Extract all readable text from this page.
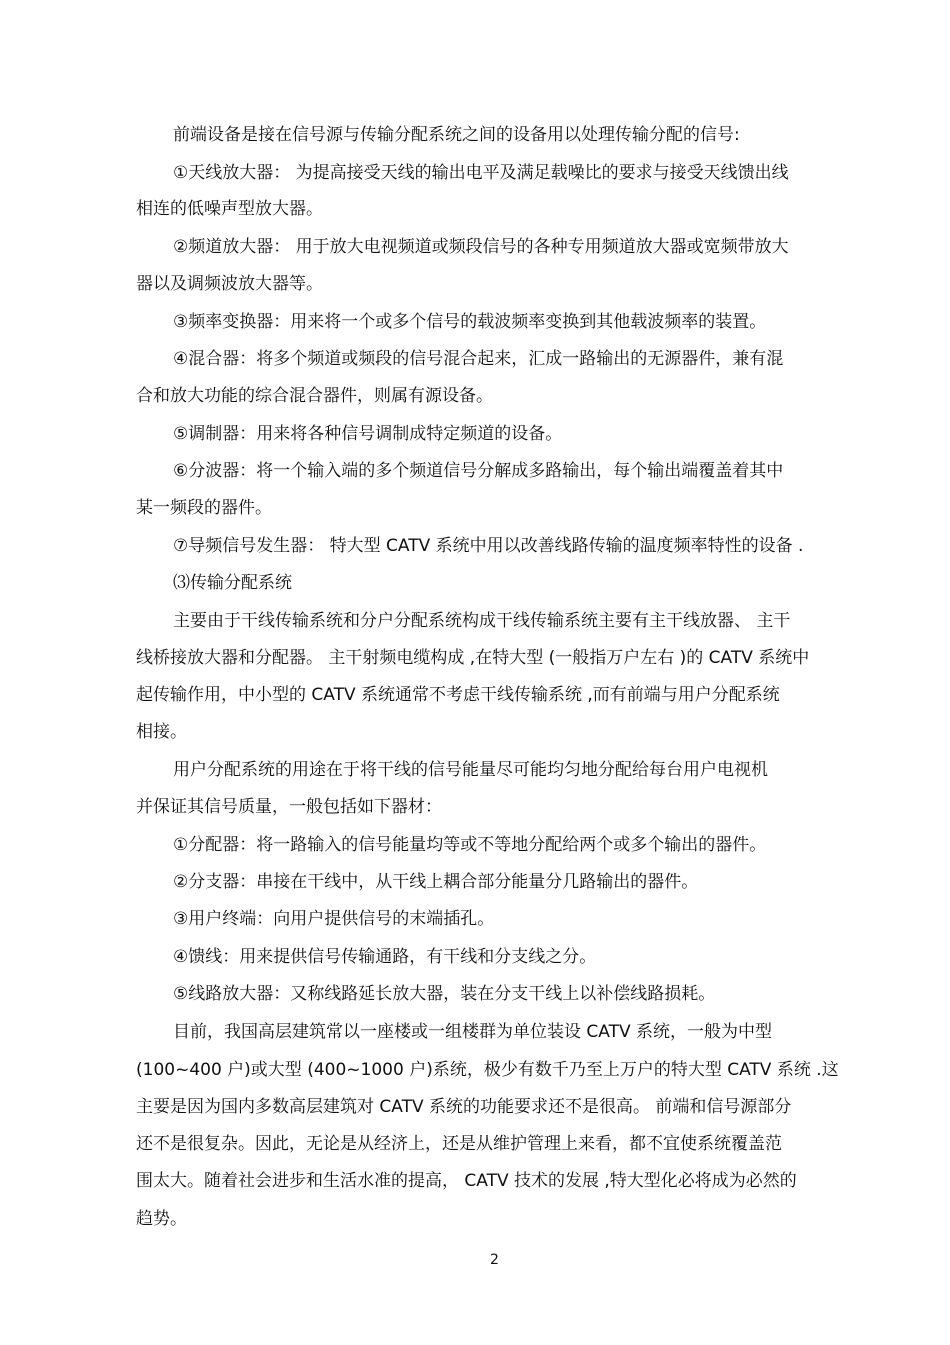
前端设备是接在信号源与传输分配系统之间的设备用以处理传输分配的信号:
①天线放大器： 为提高接受天线的输出电平及满足载噪比的要求与接受天线馈出线
相连的低噪声型放大器。
②频道放大器： 用于放大电视频道或频段信号的各种专用频道放大器或宽频带放大
器以及调频波放大器等。
③频率变换器：用来将一个或多个信号的载波频率变换到其他载波频率的装置。
④混合器：将多个频道或频段的信号混合起来，汇成一路输出的无源器件，兼有混
合和放大功能的综合混合器件，则属有源设备。
⑤调制器：用来将各种信号调制成特定频道的设备。
⑥分波器：将一个输入端的多个频道信号分解成多路输出，每个输出端覆盖着其中
某一频段的器件。
⑦导频信号发生器： 特大型 CATV 系统中用以改善线路传输的温度频率特性的设备 .
⑶传输分配系统
主要由于干线传输系统和分户分配系统构成干线传输系统主要有主干线放器、 主干
线桥接放大器和分配器。 主干射频电缆构成 ,在特大型 (一般指万户左右 )的 CATV 系统中
起传输作用，中小型的 CATV 系统通常不考虑干线传输系统 ,而有前端与用户分配系统
相接。
用户分配系统的用途在于将干线的信号能量尽可能均匀地分配给每台用户电视机
并保证其信号质量，一般包括如下器材：
①分配器：将一路输入的信号能量均等或不等地分配给两个或多个输出的器件。
②分支器：串接在干线中，从干线上耦合部分能量分几路输出的器件。
③用户终端：向用户提供信号的末端插孔。
④馈线：用来提供信号传输通路，有干线和分支线之分。
⑤线路放大器：又称线路延长放大器，装在分支干线上以补偿线路损耗。
目前，我国高层建筑常以一座楼或一组楼群为单位装设 CATV 系统，一般为中型
(100~400 户)或大型 (400~1000 户)系统，极少有数千乃至上万户的特大型 CATV 系统 .这
主要是因为国内多数高层建筑对 CATV 系统的功能要求还不是很高。 前端和信号源部分
还不是很复杂。因此，无论是从经济上，还是从维护管理上来看，都不宜使系统覆盖范
围太大。随着社会进步和生活水准的提高， CATV 技术的发展 ,特大型化必将成为必然的
趋势。
2
